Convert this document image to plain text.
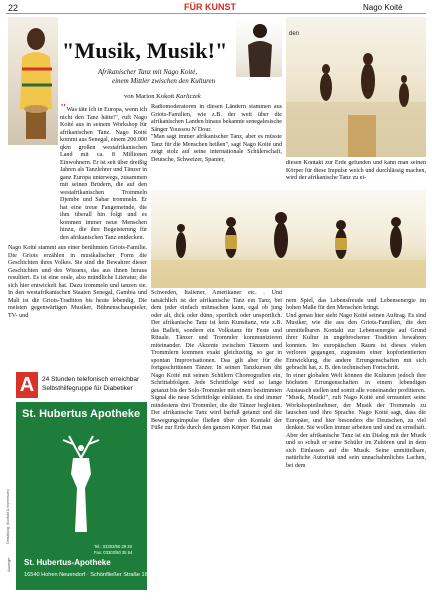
22	FÜR KUNST	Nago Koité
den
"Musik, Musik!"
Afrikanischer Tanz mit Nago Koité,
einem Mittler zwischen den Kulturen
von Marion Kokott Karliczek

"Was täte ich in Europa, wenn ich nicht den Tanz hätte!", ruft Nago Koité aus in seinem Workshop für afrikanischen Tanz. Nago Koité kommt aus Senegal, einem 200.000 qkm großen westafrikanischen Land mit ca. 8 Millionen Einwohnern. Er ist seit über dreißig Jahren als Tanzlehrer und Tänzer in ganz Europa unterwegs, zusammen mit seinen Brüdern, die auf den westafrikanischen Trommeln Djembe und Sabar trommeln. Er hat eine treue Fangemeinde, die ihm überall hin folgt und es kommen immer neue Menschen hinzu, die ihre Begeisterung für den afrikanischen Tanz entdecken.

Nago Koité stammt aus einer berühmten Griots-Familie. Die Griots erzählen in musikalischer Form die Geschichten ihres Volkes. Sie sind die Bewahrer dieser Geschichten und des Wissens, das aus ihnen heraus resultiert. Es ist eine orale, also mündliche Literatur, die sich hier entwickelt hat. Dazu trommeln und tanzen sie. In den westafrikanischen Staaten Senegal, Gambia und Mali ist die Griots-Tradition bis heute lebendig. Die meisten gegenwärtigen Musiker, Bühnenschauspieler, TV- und

Radiomoderatoren in diesen Ländern stammen aus Griots-Familien, wie z.B. der weit über die afrikanischen Landen hinaus bekannte senegalesische Sänger Youssou N´Dour.

"Man sagt immer afrikanischer Tanz, aber es müsste Tanz für die Menschen heißen", sagt Nago Koité und zeigt stolz auf seine internationale Schülerschaft, Deutsche, Schweizer, Spanier,

diesen Kontakt zur Erde gefunden und kann man seinen Körper für diese Impulse weich und durchlässig machen, wird der afrikanische Tanz zu ei-

Schweden, Italiener, Amerikaner etc. . Und tatsächlich ist der afrikanische Tanz ein Tanz, bei dem jeder einfach mitmachen kann, egal ob jung oder alt, dick oder dünn, sportlich oder unsportlich. Der afrikanische Tanz ist kein Kunsttanz, wie z.B. das Ballett, sondern ein Volkstanz für Feste und Rituale. Tänzer und Trommler kommunizieren miteinander. Die Akzente zwischen Tänzern und Trommlern kommen exakt gleichzeitig, so gar in spontan Improvisationen. Das gilt aber für die fortgeschrittenen Tänzer. In seinen Tanzkursen übt Nago Koité mit seinen Schülern Choreografien ein, Schrittabfolgen. Jede Schrittfolge wird so lange getanzt bis der Solo-Trommler mit einem bestimmten Signal die neue Schrittfolge einläutet. Es sind immer mindestens drei Trommler, die die Tänzer begleiten. Der afrikanische Tanz wird barfuß getanzt und die Bewegungsimpulse fließen über den Kontakt der Füße zur Erde durch den ganzen Körper. Hat man

nem Spiel, das Lebensfreude und Lebensenergie im hohen Maße für den Menschen bringt.
Und genau hier sieht Nago Koité seinen Auftrag. Es sind Musiker, wie die aus den Griots-Familien, die den unmittelbaren Kontakt zur Lebensenergie auf Grund ihrer Kultur in ungebrochener Tradition bewahren konnten. Im europäischen Raum ist dieses vielen verloren gegangen, zugunsten einer kopforientierten Entwicklung, die andere Errungenschaften mit sich gebracht hat, z. B. den technischen Fortschritt.
In einer globalen Welt können die Kulturen jedoch ihre höchsten Errungenschaften in einem lebendigen Austausch stellen und somit alle voneinander profitieren.
"Musik, Musik!", ruft Nago Koité und ermuntert seine Workshopteilnehmer, der Musik der Trommeln zu lauschen und ihre Sprache. Nago Koité sagt, dass die Europäer, und hier besonders die Deutschen, zu viel denken. Sie wollen immer arbeiten und sind zu ernsthaft. Aber der afrikanische Tanz ist ein Dialog mit der Musik und so schult er seine Schüler im Zuhören und in dem sich Einlassen auf die Musik. Seine unmittelbare, natürliche Autorität und sein unnachahmliches Lachen, bei dem

A	24 Stunden telefonisch erreichbar
Selbsthilfegruppe für Diabetiker
St. Hubertus Apotheke
Tel.: 03303/50 29 20
Fax: 03303/50 35 54
St. Hubertus-Apotheke
16540 Hohen Neuendorf · Schönfließer Straße 16
Anzeige
Gestaltung: (Kontakt & Impressum)
